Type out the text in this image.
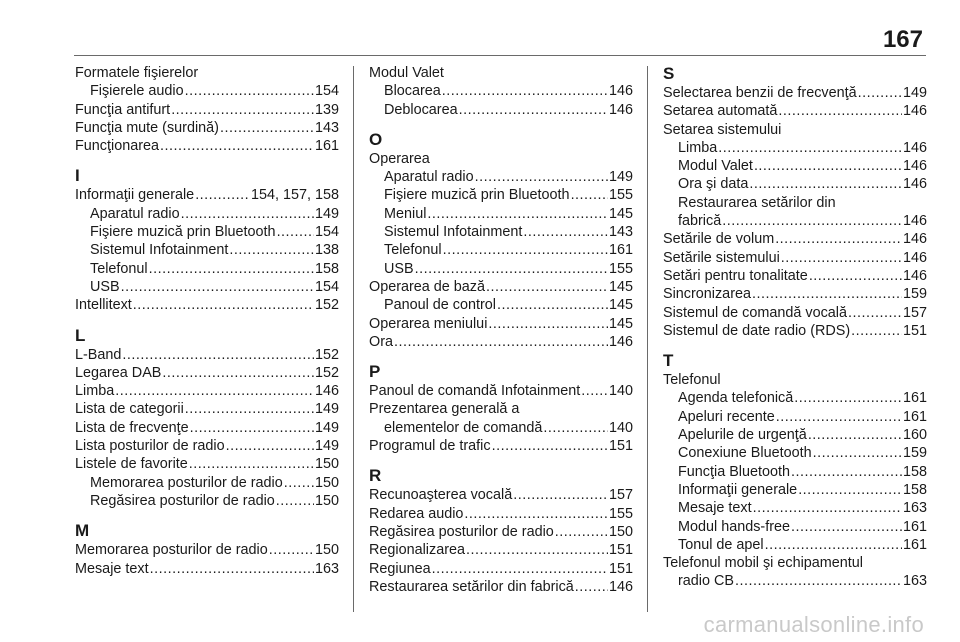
167
Formatele fişierelor
Fişierele audio .....	154
Funcţia antifurt .....	139
Funcţia mute (surdină) .....	143
Funcţionarea .....	161
I
Informaţii generale .....	154, 157, 158
Aparatul radio .....	149
Fişiere muzică prin Bluetooth .....	154
Sistemul Infotainment .....	138
Telefonul .....	158
USB .....	154
Intellitext .....	152
L
L-Band .....	152
Legarea DAB .....	152
Limba .....	146
Lista de categorii .....	149
Lista de frecvenţe .....	149
Lista posturilor de radio .....	149
Listele de favorite .....	150
Memorarea posturilor de radio ..... 150
Regăsirea posturilor de radio .....	150
M
Memorarea posturilor de radio .....	150
Mesaje text .....	163
Modul Valet
Blocarea .....	146
Deblocarea .....	146
O
Operarea
Aparatul radio .....	149
Fişiere muzică prin Bluetooth .....	155
Meniul .....	145
Sistemul Infotainment .....	143
Telefonul .....	161
USB .....	155
Operarea de bază .....	145
Panoul de control .....	145
Operarea meniului .....	145
Ora .....	146
P
Panoul de comandă Infotainment ..... 140
Prezentarea generală a
elementelor de comandă .....	140
Programul de trafic .....	151
R
Recunoaşterea vocală .....	157
Redarea audio .....	155
Regăsirea posturilor de radio .....	150
Regionalizarea .....	151
Regiunea .....	151
Restaurarea setărilor din fabrică ..... 146
S
Selectarea benzii de frecvenţă .....	149
Setarea automată .....	146
Setarea sistemului
Limba .....	146
Modul Valet .....	146
Ora şi data .....	146
Restaurarea setărilor din
fabrică .....	146
Setările de volum .....	146
Setările sistemului .....	146
Setări pentru tonalitate .....	146
Sincronizarea .....	159
Sistemul de comandă vocală .....	157
Sistemul de date radio (RDS) .....	151
T
Telefonul
Agenda telefonică .....	161
Apeluri recente .....	161
Apelurile de urgenţă .....	160
Conexiune Bluetooth .....	159
Funcţia Bluetooth .....	158
Informaţii generale .....	158
Mesaje text .....	163
Modul hands-free .....	161
Tonul de apel .....	161
Telefonul mobil şi echipamentul
radio CB .....	163
carmanualsonline.info
